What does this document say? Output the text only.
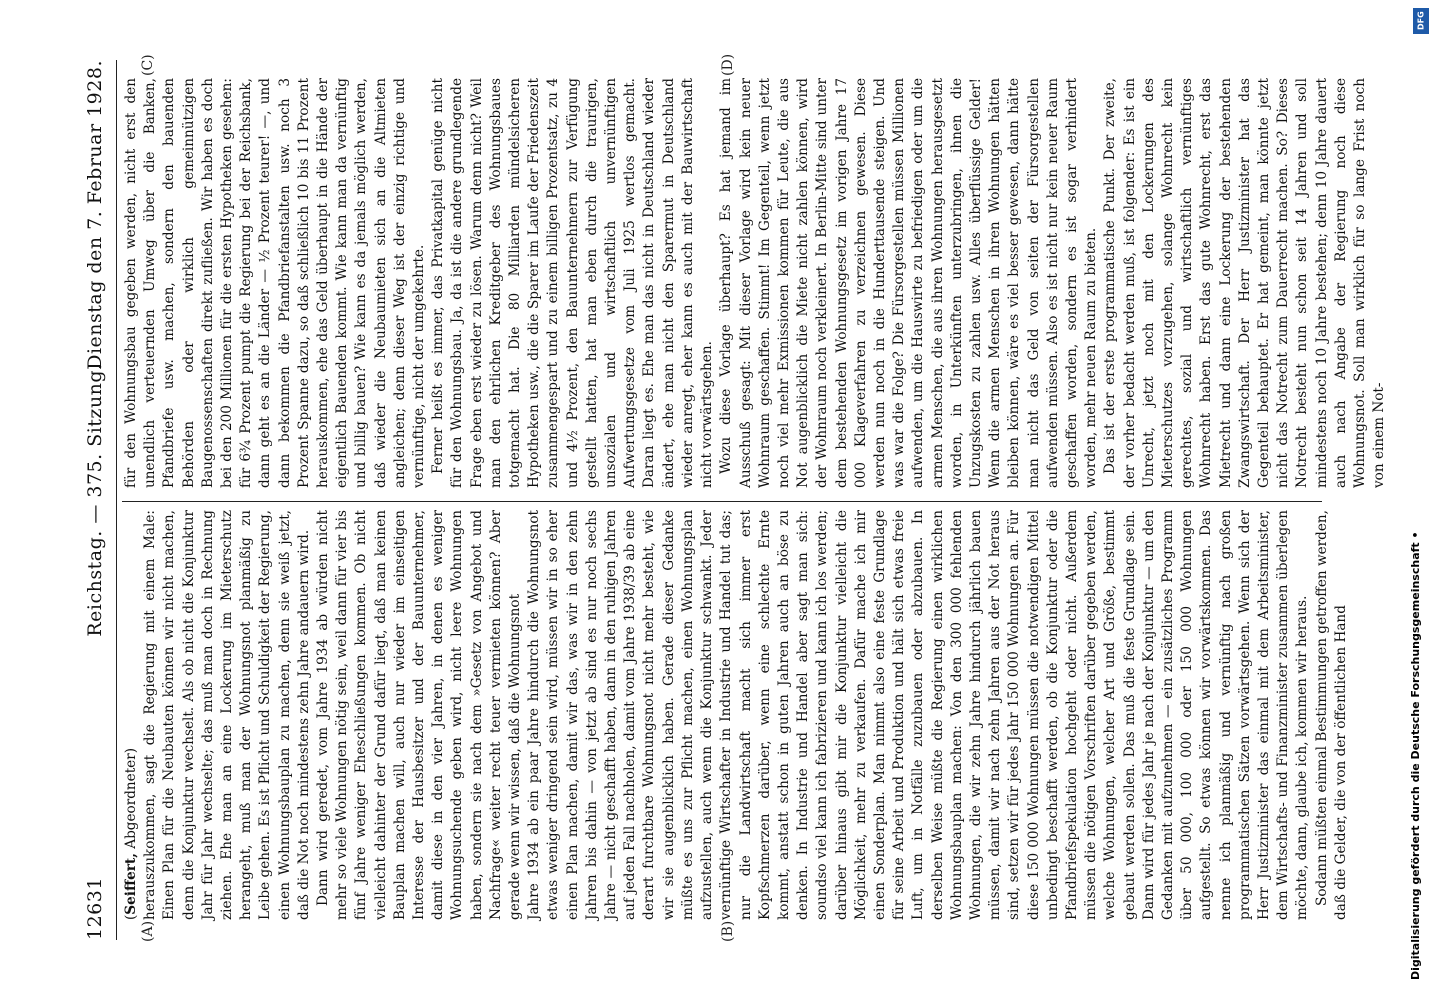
12631
Reichstag. — 375. Sitzung.
Dienstag den 7. Februar 1928.
(A)	(B)
(C)	(D)

(Seiffert, Abgeordneter) herauszukommen, sagt die Regierung mit einem Male: Einen Plan für die Neubauten können wir nicht machen, denn die Konjunktur wechselt. Als ob nicht die Konjunktur Jahr für Jahr wechselte; das muß man doch in Rechnung ziehen. Ehe man an eine Lockerung im Mieterschutz herangeht, muß man der Wohnungsnot planmäßig zu Leibe gehen. Es ist Pflicht und Schuldigkeit der Regierung, einen Wohnungsbauplan zu machen, denn sie weiß jetzt, daß die Not noch mindestens zehn Jahre andauern wird. Dann wird geredet, vom Jahre 1934 ab würden nicht mehr so viele Wohnungen nötig sein, weil dann für vier bis fünf Jahre weniger Eheschließungen kommen. Ob nicht vielleicht dahinter der Grund dafür liegt, daß man keinen Bauplan machen will, auch nur wieder im einseitigen Interesse der Hausbesitzer und der Bauunternehmer, damit diese in den vier Jahren, in denen es weniger Wohnungsuchende geben wird, nicht leere Wohnungen haben, sondern sie nach dem »Gesetz von Angebot und Nachfrage« weiter recht teuer vermieten können? Aber gerade wenn wir wissen, daß die Wohnungsnot Jahre 1934 ab ein paar Jahre hindurch die Wohnungsnot etwas weniger dringend sein wird, müssen wir in so eher einen Plan machen, damit wir das, was wir in den zehn Jahren bis dahin — von jetzt ab sind es nur noch sechs Jahre — nicht geschafft haben, dann in den ruhigen Jahren auf jeden Fall nachholen, damit vom Jahre 1938/39 ab eine derart furchtbare Wohnungsnot nicht mehr besteht, wie wir sie augenblicklich haben. Gerade dieser Gedanke müßte es uns zur Pflicht machen, einen Wohnungsplan aufzustellen, auch wenn die Konjunktur schwankt. Jeder vernünftige Wirtschafter in Industrie und Handel tut das; nur die Landwirtschaft macht sich immer erst Kopfschmerzen darüber, wenn eine schlechte Ernte kommt, anstatt schon in guten Jahren auch an böse zu denken. In Industrie und Handel aber sagt man sich: soundso viel kann ich fabrizieren und kann ich los werden; darüber hinaus gibt mir die Konjunktur vielleicht die Möglichkeit, mehr zu verkaufen. Dafür mache ich mir einen Sonderplan. Man nimmt also eine feste Grundlage für seine Arbeit und Produktion und hält sich etwas freie Luft, um in Notfälle zuzubauen oder abzubauen. In derselben Weise müßte die Regierung einen wirklichen Wohnungsbauplan machen: Von den 300 000 fehlenden Wohnungen, die wir zehn Jahre hindurch jährlich bauen müssen, damit wir nach zehn Jahren aus der Not heraus sind, setzen wir für jedes Jahr 150 000 Wohnungen an. Für diese 150 000 Wohnungen müssen die notwendigen Mittel unbedingt beschafft werden, ob die Konjunktur oder die Pfandbriefspekulation hochgeht oder nicht. Außerdem müssen die nötigen Vorschriften darüber gegeben werden, welche Wohnungen, welcher Art und Größe, bestimmt gebaut werden sollen. Das muß die feste Grundlage sein. Dann wird für jedes Jahr je nach der Konjunktur — um den Gedanken mit aufzunehmen — ein zusätzliches Programm über 50 000, 100 000 oder 150 000 Wohnungen aufgestellt. So etwas können wir vorwärtskommen. Das nenne ich planmäßig und vernünftig nach großen programmatischen Sätzen vorwärtsgehen. Wenn sich der Herr Justizminister das einmal mit dem Arbeitsminister, dem Wirtschafts- und Finanzminister zusammen überlegen möchte, dann, glaube ich, kommen wir heraus. Sodann müßten einmal Bestimmungen getroffen werden, daß die Gelder, die von der öffentlichen Hand

für den Wohnungsbau gegeben werden, nicht erst den unendlich verteuernden Umweg über die Banken, Pfandbriefe usw. machen, sondern den bauenden Behörden oder wirklich gemeinnützigen Baugenossenschaften direkt zufließen. Wir haben es doch bei den 200 Millionen für die ersten Hypotheken gesehen: für 6¾ Prozent pumpt die Regierung bei der Reichsbank, dann geht es an die Länder — ½ Prozent teurer! —, und dann bekommen die Pfandbriefanstalten usw. noch 3 Prozent Spanne dazu, so daß schließlich 10 bis 11 Prozent herauskommen, ehe das Geld überhaupt in die Hände der eigentlich Bauenden kommt. Wie kann man da vernünftig und billig bauen? Wie kann es da jemals möglich werden, daß wieder die Neubaumieten sich an die Altmieten angleichen; denn dieser Weg ist der einzig richtige und vernünftige, nicht der umgekehrte. Ferner heißt es immer, das Privatkapital genüge nicht für den Wohnungsbau. Ja, da ist die andere grundlegende Frage eben erst wieder zu lösen. Warum denn nicht? Weil man den ehrlichen Kreditgeber des Wohnungsbaues totgemacht hat. Die 80 Milliarden mündelsicheren Hypotheken usw., die die Sparer im Laufe der Friedenszeit zusammengespart und zu einem billigen Prozentsatz, zu 4 und 4½ Prozent, den Bauunternehmern zur Verfügung gestellt hatten, hat man eben durch die traurigen, unsozialen und wirtschaftlich unvernünftigen Aufwertungsgesetze vom Juli 1925 wertlos gemacht. Daran liegt es. Ehe man das nicht in Deutschland wieder ändert, ehe man nicht den Sparermut in Deutschland wieder anregt, eher kann es auch mit der Bauwirtschaft nicht vorwärtsgehen. Wozu diese Vorlage überhaupt? Es hat jemand im Ausschuß gesagt: Mit dieser Vorlage wird kein neuer Wohnraum geschaffen. Stimmt! Im Gegenteil, wenn jetzt noch viel mehr Exmissionen kommen für Leute, die aus Not augenblicklich die Miete nicht zahlen können, wird der Wohnraum noch verkleinert. In Berlin-Mitte sind unter dem bestehenden Wohnungsgesetz im vorigen Jahre 17 000 Klageverfahren zu verzeichnen gewesen. Diese werden nun noch in die Hunderttausende steigen. Und was war die Folge? Die Fürsorgestellen müssen Millionen aufwenden, um die Hauswirte zu befriedigen oder um die armen Menschen, die aus ihren Wohnungen herausgesetzt worden, in Unterkünften unterzubringen, ihnen die Unzugskosten zu zahlen usw. Alles überflüssige Gelder! Wenn die armen Menschen in ihren Wohnungen hätten bleiben können, wäre es viel besser gewesen, dann hätte man nicht das Geld von seiten der Fürsorgestellen aufwenden müssen. Also es ist nicht nur kein neuer Raum geschaffen worden, sondern es ist sogar verhindert worden, mehr neuen Raum zu bieten. Das ist der erste programmatische Punkt. Der zweite, der vorher bedacht werden muß, ist folgender: Es ist ein Unrecht, jetzt noch mit den Lockerungen des Mieterschutzes vorzugehen, solange Wohnrecht kein gerechtes, sozial und wirtschaftlich vernünftiges Wohnrecht haben. Erst das gute Wohnrecht, erst das Mietrecht und dann eine Lockerung der bestehenden Zwangswirtschaft. Der Herr Justizminister hat das Gegenteil behauptet. Er hat gemeint, man könnte jetzt nicht das Notrecht zum Dauerrecht machen. So? Dieses Notrecht besteht nun schon seit 14 Jahren und soll mindestens noch 10 Jahre bestehen; denn 10 Jahre dauert auch nach Angabe der Regierung noch diese Wohnungsnot. Soll man wirklich für so lange Frist noch von einem Not-

DFG
Digitalisierung gefördert durch die Deutsche Forschungsgemeinschaft •
